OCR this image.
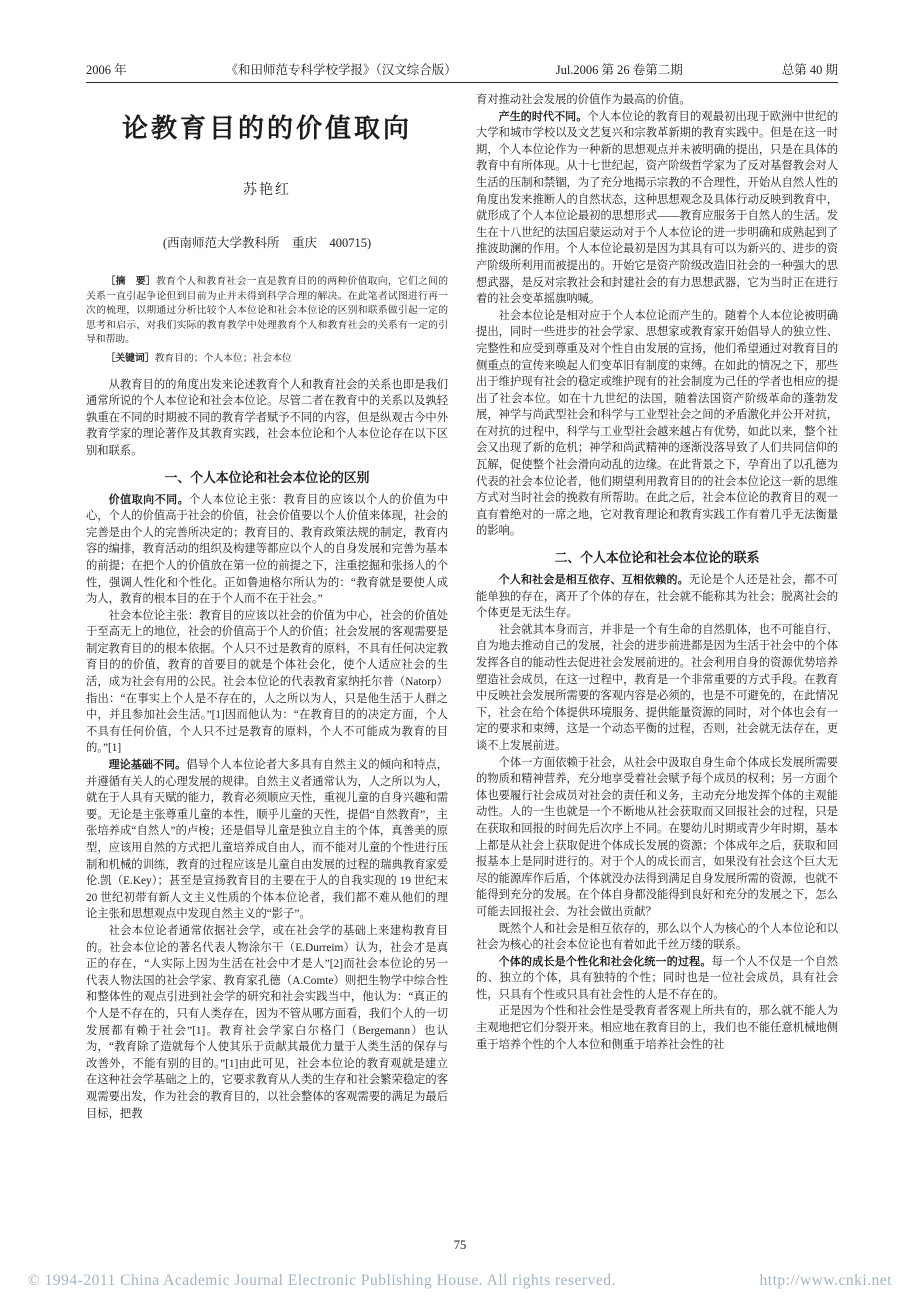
2006 年	《和田师范专科学校学报》（汉文综合版）	Jul.2006 第 26 卷第二期	总第 40 期
论教育目的的价值取向
苏艳红
(西南师范大学教科所　重庆　400715)

［摘　要］教育个人和教育社会一直是教育目的的两种价值取向，它们之间的关系一直引起争论但到目前为止并未得到科学合理的解决。在此笔者试图进行再一次的梳理，以期通过分析比较个人本位论和社会本位论的区别和联系做引起一定的思考和启示，对我们实际的教育教学中处理教育个人和教育社会的关系有一定的引导和帮助。

［关键词］教育目的；个人本位；社会本位

从教育目的的角度出发来论述教育个人和教育社会的关系也即是我们通常所说的个人本位论和社会本位论。尽管二者在教育中的关系以及孰轻孰重在不同的时期被不同的教育学者赋予不同的内容，但是纵观古今中外教育学家的理论著作及其教育实践，社会本位论和个人本位论存在以下区别和联系。

一、个人本位论和社会本位论的区别

价值取向不同。个人本位论主张：教育目的应该以个人的价值为中心，个人的价值高于社会的价值，社会价值要以个人价值来体现，社会的完善是由个人的完善所决定的；教育目的、教育政策法规的制定，教育内容的编排，教育活动的组织及构建等都应以个人的自身发展和完善为基本的前提；在把个人的价值放在第一位的前提之下，注重挖掘和张扬人的个性，强调人性化和个性化。正如鲁迪格尔所认为的：“教育就是要使人成为人，教育的根本目的在于个人而不在于社会。”

社会本位论主张：教育目的应该以社会的价值为中心，社会的价值处于至高无上的地位，社会的价值高于个人的价值；社会发展的客观需要是制定教育目的的根本依据。个人只不过是教育的原料，不具有任何决定教育目的的价值，教育的首要目的就是个体社会化，使个人适应社会的生活，成为社会有用的公民。社会本位论的代表教育家纳托尔普（Natorp）指出：“在事实上个人是不存在的，人之所以为人，只是他生活于人群之中，并且参加社会生活。”[1]因而他认为：“在教育目的的决定方面，个人不具有任何价值，个人只不过是教育的原料，个人不可能成为教育的目的。”[1]

理论基础不同。倡导个人本位论者大多具有自然主义的倾向和特点，并遵循有关人的心理发展的规律。自然主义者通常认为，人之所以为人，就在于人具有天赋的能力，教育必须顺应天性，重视儿童的自身兴趣和需要。无论是主张尊重儿童的本性，顺乎儿童的天性，提倡“自然教育”，主张培养成“自然人”的卢梭；还是倡导儿童是独立自主的个体，真善美的原型，应该用自然的方式把儿童培养成自由人，而不能对儿童的个性进行压制和机械的训练，教育的过程应该是儿童自由发展的过程的瑞典教育家爱伦.凯（E.Key）；甚至是宣扬教育目的主要在于人的自我实现的 19 世纪末 20 世纪初带有新人文主义性质的个体本位论者，我们都不难从他们的理论主张和思想观点中发现自然主义的“影子”。

社会本位论者通常依据社会学，或在社会学的基础上来建构教育目的。社会本位论的著名代表人物涂尔干（E.Durreim）认为，社会才是真正的存在，“人实际上因为生活在社会中才是人”[2]而社会本位论的另一代表人物法国的社会学家、教育家孔德（A.Comte）则把生物学中综合性和整体性的观点引进到社会学的研究和社会实践当中，他认为：“真正的个人是不存在的，只有人类存在，因为不管从哪方面看，我们个人的一切发展都有赖于社会”[1]。教育社会学家白尔格门（Bergemann）也认为，“教育除了造就每个人使其乐于贡献其最优力量于人类生活的保存与改善外，不能有别的目的。”[1]由此可见，社会本位论的教育观就是建立在这种社会学基础之上的，它要求教育从人类的生存和社会繁荣稳定的客观需要出发，作为社会的教育目的，以社会整体的客观需要的满足为最后目标，把教

育对推动社会发展的价值作为最高的价值。

产生的时代不同。个人本位论的教育目的观最初出现于欧洲中世纪的大学和城市学校以及文艺复兴和宗教革新期的教育实践中。但是在这一时期，个人本位论作为一种新的思想观点并未被明确的提出，只是在具体的教育中有所体现。从十七世纪起，资产阶级哲学家为了反对基督教会对人生活的压制和禁锢，为了充分地揭示宗教的不合理性，开始从自然人性的角度出发来推断人的自然状态，这种思想观念及具体行动反映到教育中，就形成了个人本位论最初的思想形式——教育应服务于自然人的生活。发生在十八世纪的法国启蒙运动对于个人本位论的进一步明确和成熟起到了推波助澜的作用。个人本位论最初是因为其具有可以为新兴的、进步的资产阶级所利用而被提出的。开始它是资产阶级改造旧社会的一种强大的思想武器，是反对宗教社会和封建社会的有力思想武器，它为当时正在进行着的社会变革摇旗呐喊。

社会本位论是相对应于个人本位论而产生的。随着个人本位论被明确提出，同时一些进步的社会学家、思想家或教育家开始倡导人的独立性、完整性和应受到尊重及对个性自由发展的宣扬，他们希望通过对教育目的侧重点的宣传来唤起人们变革旧有制度的束缚。在如此的情况之下，那些出于维护现有社会的稳定或维护现有的社会制度为己任的学者也相应的提出了社会本位。如在十九世纪的法国，随着法国资产阶级革命的蓬勃发展，神学与尚武型社会和科学与工业型社会之间的矛盾激化并公开对抗，在对抗的过程中，科学与工业型社会越来越占有优势，如此以来，整个社会又出现了新的危机；神学和尚武精神的逐渐没落导致了人们共同信仰的瓦解，促使整个社会滑向动乱的边缘。在此背景之下，孕育出了以孔德为代表的社会本位论者，他们期望利用教育目的的社会本位论这一新的思维方式对当时社会的挽救有所帮助。在此之后，社会本位论的教育目的观一直有着绝对的一席之地，它对教育理论和教育实践工作有着几乎无法衡量的影响。

二、个人本位论和社会本位论的联系

个人和社会是相互依存、互相依赖的。无论是个人还是社会，都不可能单独的存在，离开了个体的存在，社会就不能称其为社会；脱离社会的个体更是无法生存。

社会就其本身而言，并非是一个有生命的自然肌体，也不可能自行、自为地去推动自己的发展，社会的进步前进都是因为生活于社会中的个体发挥各自的能动性去促进社会发展前进的。社会利用自身的资源优势培养塑造社会成员，在这一过程中，教育是一个非常重要的方式手段。在教育中反映社会发展所需要的客观内容是必须的，也是不可避免的，在此情况下，社会在给个体提供环境服务、提供能量资源的同时，对个体也会有一定的要求和束缚，这是一个动态平衡的过程，否则，社会就无法存在，更谈不上发展前进。

个体一方面依赖于社会，从社会中汲取自身生命个体成长发展所需要的物质和精神营养，充分地享受着社会赋予每个成员的权利；另一方面个体也要履行社会成员对社会的责任和义务，主动充分地发挥个体的主观能动性。人的一生也就是一个不断地从社会获取而又回报社会的过程，只是在获取和回报的时间先后次序上不同。在婴幼儿时期或青少年时期，基本上都是从社会上获取促进个体成长发展的资源；个体成年之后，获取和回报基本上是同时进行的。对于个人的成长而言，如果没有社会这个巨大无尽的能源库作后盾，个体就没办法得到满足自身发展所需的资源，也就不能得到充分的发展。在个体自身都没能得到良好和充分的发展之下，怎么可能去回报社会、为社会做出贡献？

既然个人和社会是相互依存的，那么以个人为核心的个人本位论和以社会为核心的社会本位论也有着如此千丝万缕的联系。

个体的成长是个性化和社会化统一的过程。每一个人不仅是一个自然的、独立的个体，具有独特的个性；同时也是一位社会成员，具有社会性，只具有个性或只具有社会性的人是不存在的。

正是因为个性和社会性是受教育者客观上所共有的，那么就不能人为主观地把它们分裂开来。相应地在教育目的上，我们也不能任意机械地侧重于培养个性的个人本位和侧重于培养社会性的社

75
© 1994-2011 China Academic Journal Electronic Publishing House. All rights reserved.	http://www.cnki.net
